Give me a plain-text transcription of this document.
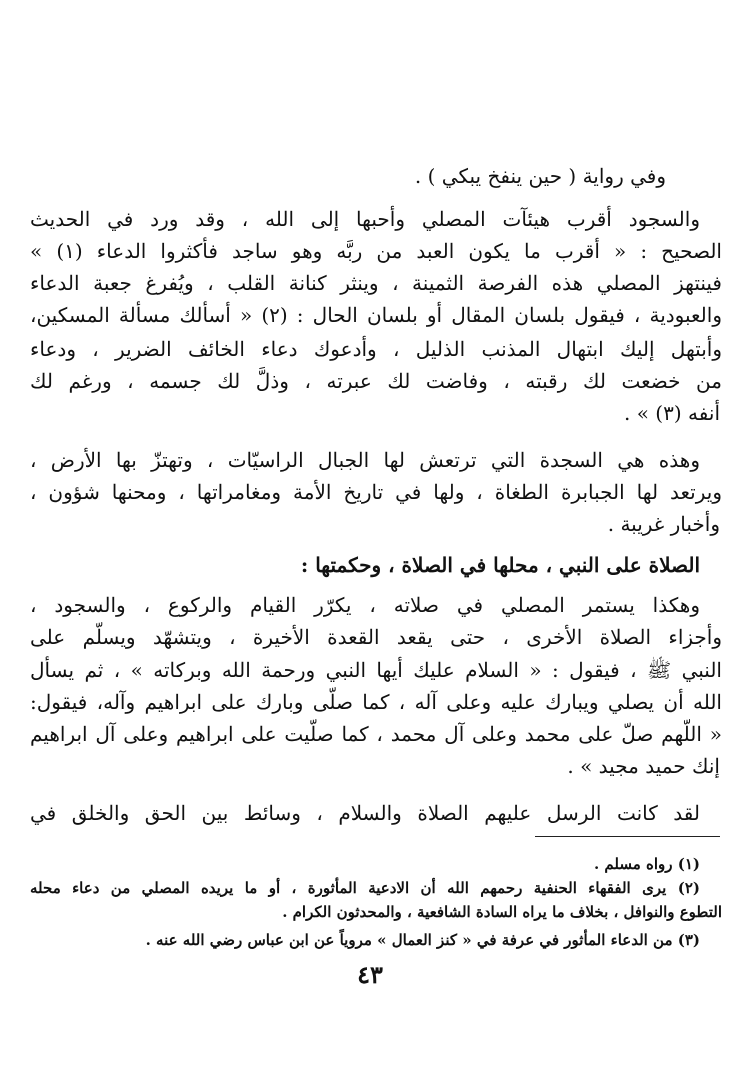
وفي رواية ( حين ينفخ يبكي ) .
والسجود أقرب هيئآت المصلي وأحبها إلى الله ، وقد ورد في الحديث
الصحيح : « أقرب ما يكون العبد من ربَّه وهو ساجد فأكثروا الدعاء (١) »
فينتهز المصلي هذه الفرصة الثمينة ، وينثر كنانة القلب ، ويُفرغ جعبة الدعاء
والعبودية ، فيقول بلسان المقال أو بلسان الحال : (٢) « أسألك مسألة المسكين،
وأبتهل إليك ابتهال المذنب الذليل ، وأدعوك دعاء الخائف الضرير ، ودعاء
من خضعت لك رقبته ، وفاضت لك عبرته ، وذلَّ لك جسمه ، ورغم لك
أنفه (٣) » .
وهذه هي السجدة التي ترتعش لها الجبال الراسيّات ، وتهتزّ بها الأرض ،
ويرتعد لها الجبابرة الطغاة ، ولها في تاريخ الأمة ومغامراتها ، ومحنها شؤون ،
وأخبار غريبة .
الصلاة على النبي ، محلها في الصلاة ، وحكمتها :
وهكذا يستمر المصلي في صلاته ، يكرّر القيام والركوع ، والسجود ،
وأجزاء الصلاة الأخرى ، حتى يقعد القعدة الأخيرة ، ويتشهّد ويسلّم على
النبي ﷺ ، فيقول : « السلام عليك أيها النبي ورحمة الله وبركاته » ، ثم يسأل
الله أن يصلي ويبارك عليه وعلى آله ، كما صلّى وبارك على ابراهيم وآله، فيقول:
« اللّهم صلّ على محمد وعلى آل محمد ، كما صلّيت على ابراهيم وعلى آل ابراهيم
إنك حميد مجيد » .
لقد كانت الرسل عليهم الصلاة والسلام ، وسائط بين الحق والخلق في
(١) رواه مسلم .
(٢) يرى الفقهاء الحنفية رحمهم الله أن الادعية المأثورة ، أو ما يريده المصلي من دعاء محله
التطوع والنوافل ، بخلاف ما يراه السادة الشافعية ، والمحدثون الكرام .
(٣) من الدعاء المأثور في عرفة في « كنز العمال » مروياً عن ابن عباس رضي الله عنه .
٤٣
